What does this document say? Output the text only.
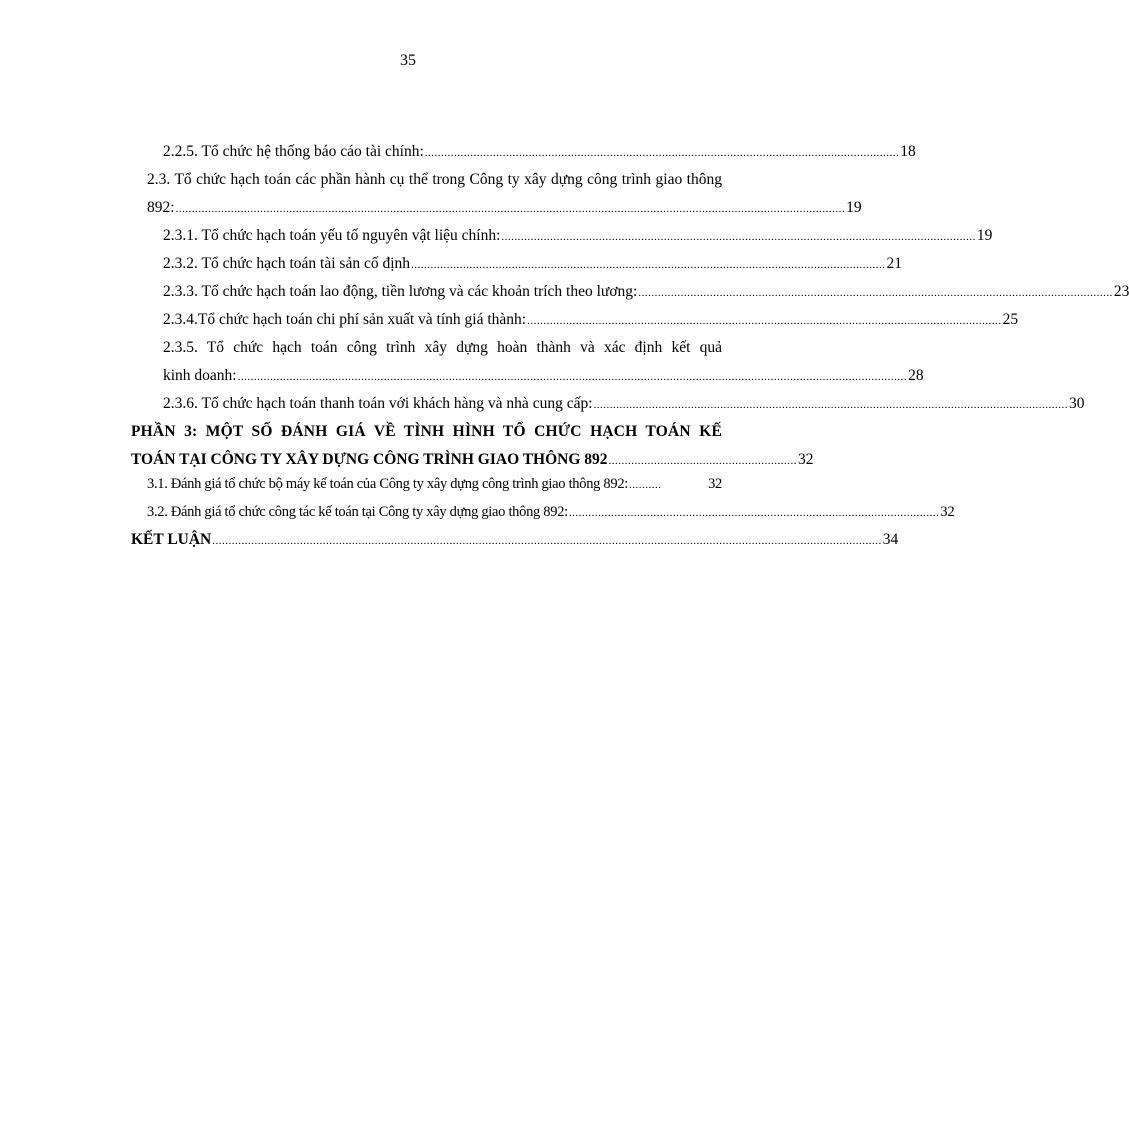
35
2.2.5. Tổ chức hệ thống báo cáo tài chính: .................................................................................................................................................. 18
2.3. Tổ chức hạch toán các phần hành cụ thể trong Công ty xây dựng công trình giao thông
892: .............................................................................................................................................................................................................. 19
2.3.1. Tổ chức hạch toán yếu tố nguyên vật liệu chính: .................................................................................................................................................. 19
2.3.2. Tổ chức hạch toán tài sản cố định .................................................................................................................................................. 21
2.3.3. Tổ chức hạch toán lao động, tiền lương và các khoản trích theo lương: .................................................................................................................................................. 23
2.3.4.Tổ chức hạch toán chi phí sản xuất và tính giá thành: .................................................................................................................................................. 25
2.3.5. Tổ chức hạch toán công trình xây dựng hoàn thành và xác định kết quả
kinh doanh: .............................................................................................................................................................................................................. 28
2.3.6. Tổ chức hạch toán thanh toán với khách hàng và nhà cung cấp: .................................................................................................................................................. 30
PHẦN 3: MỘT SỐ ĐÁNH GIÁ VỀ TÌNH HÌNH TỔ CHỨC HẠCH TOÁN KẾ
TOÁN TẠI CÔNG TY XÂY DỰNG CÔNG TRÌNH GIAO THÔNG 892 .......................................................... 32
3.1. Đánh giá tổ chức bộ máy kế toán của Công ty xây dựng công trình giao thông 892: ..........	32
3.2. Đánh giá tổ chức công tác kế toán tại Công ty xây dựng giao thông 892: .................................................................................................................. 32
KẾT LUẬN .............................................................................................................................................................................................................. 34
